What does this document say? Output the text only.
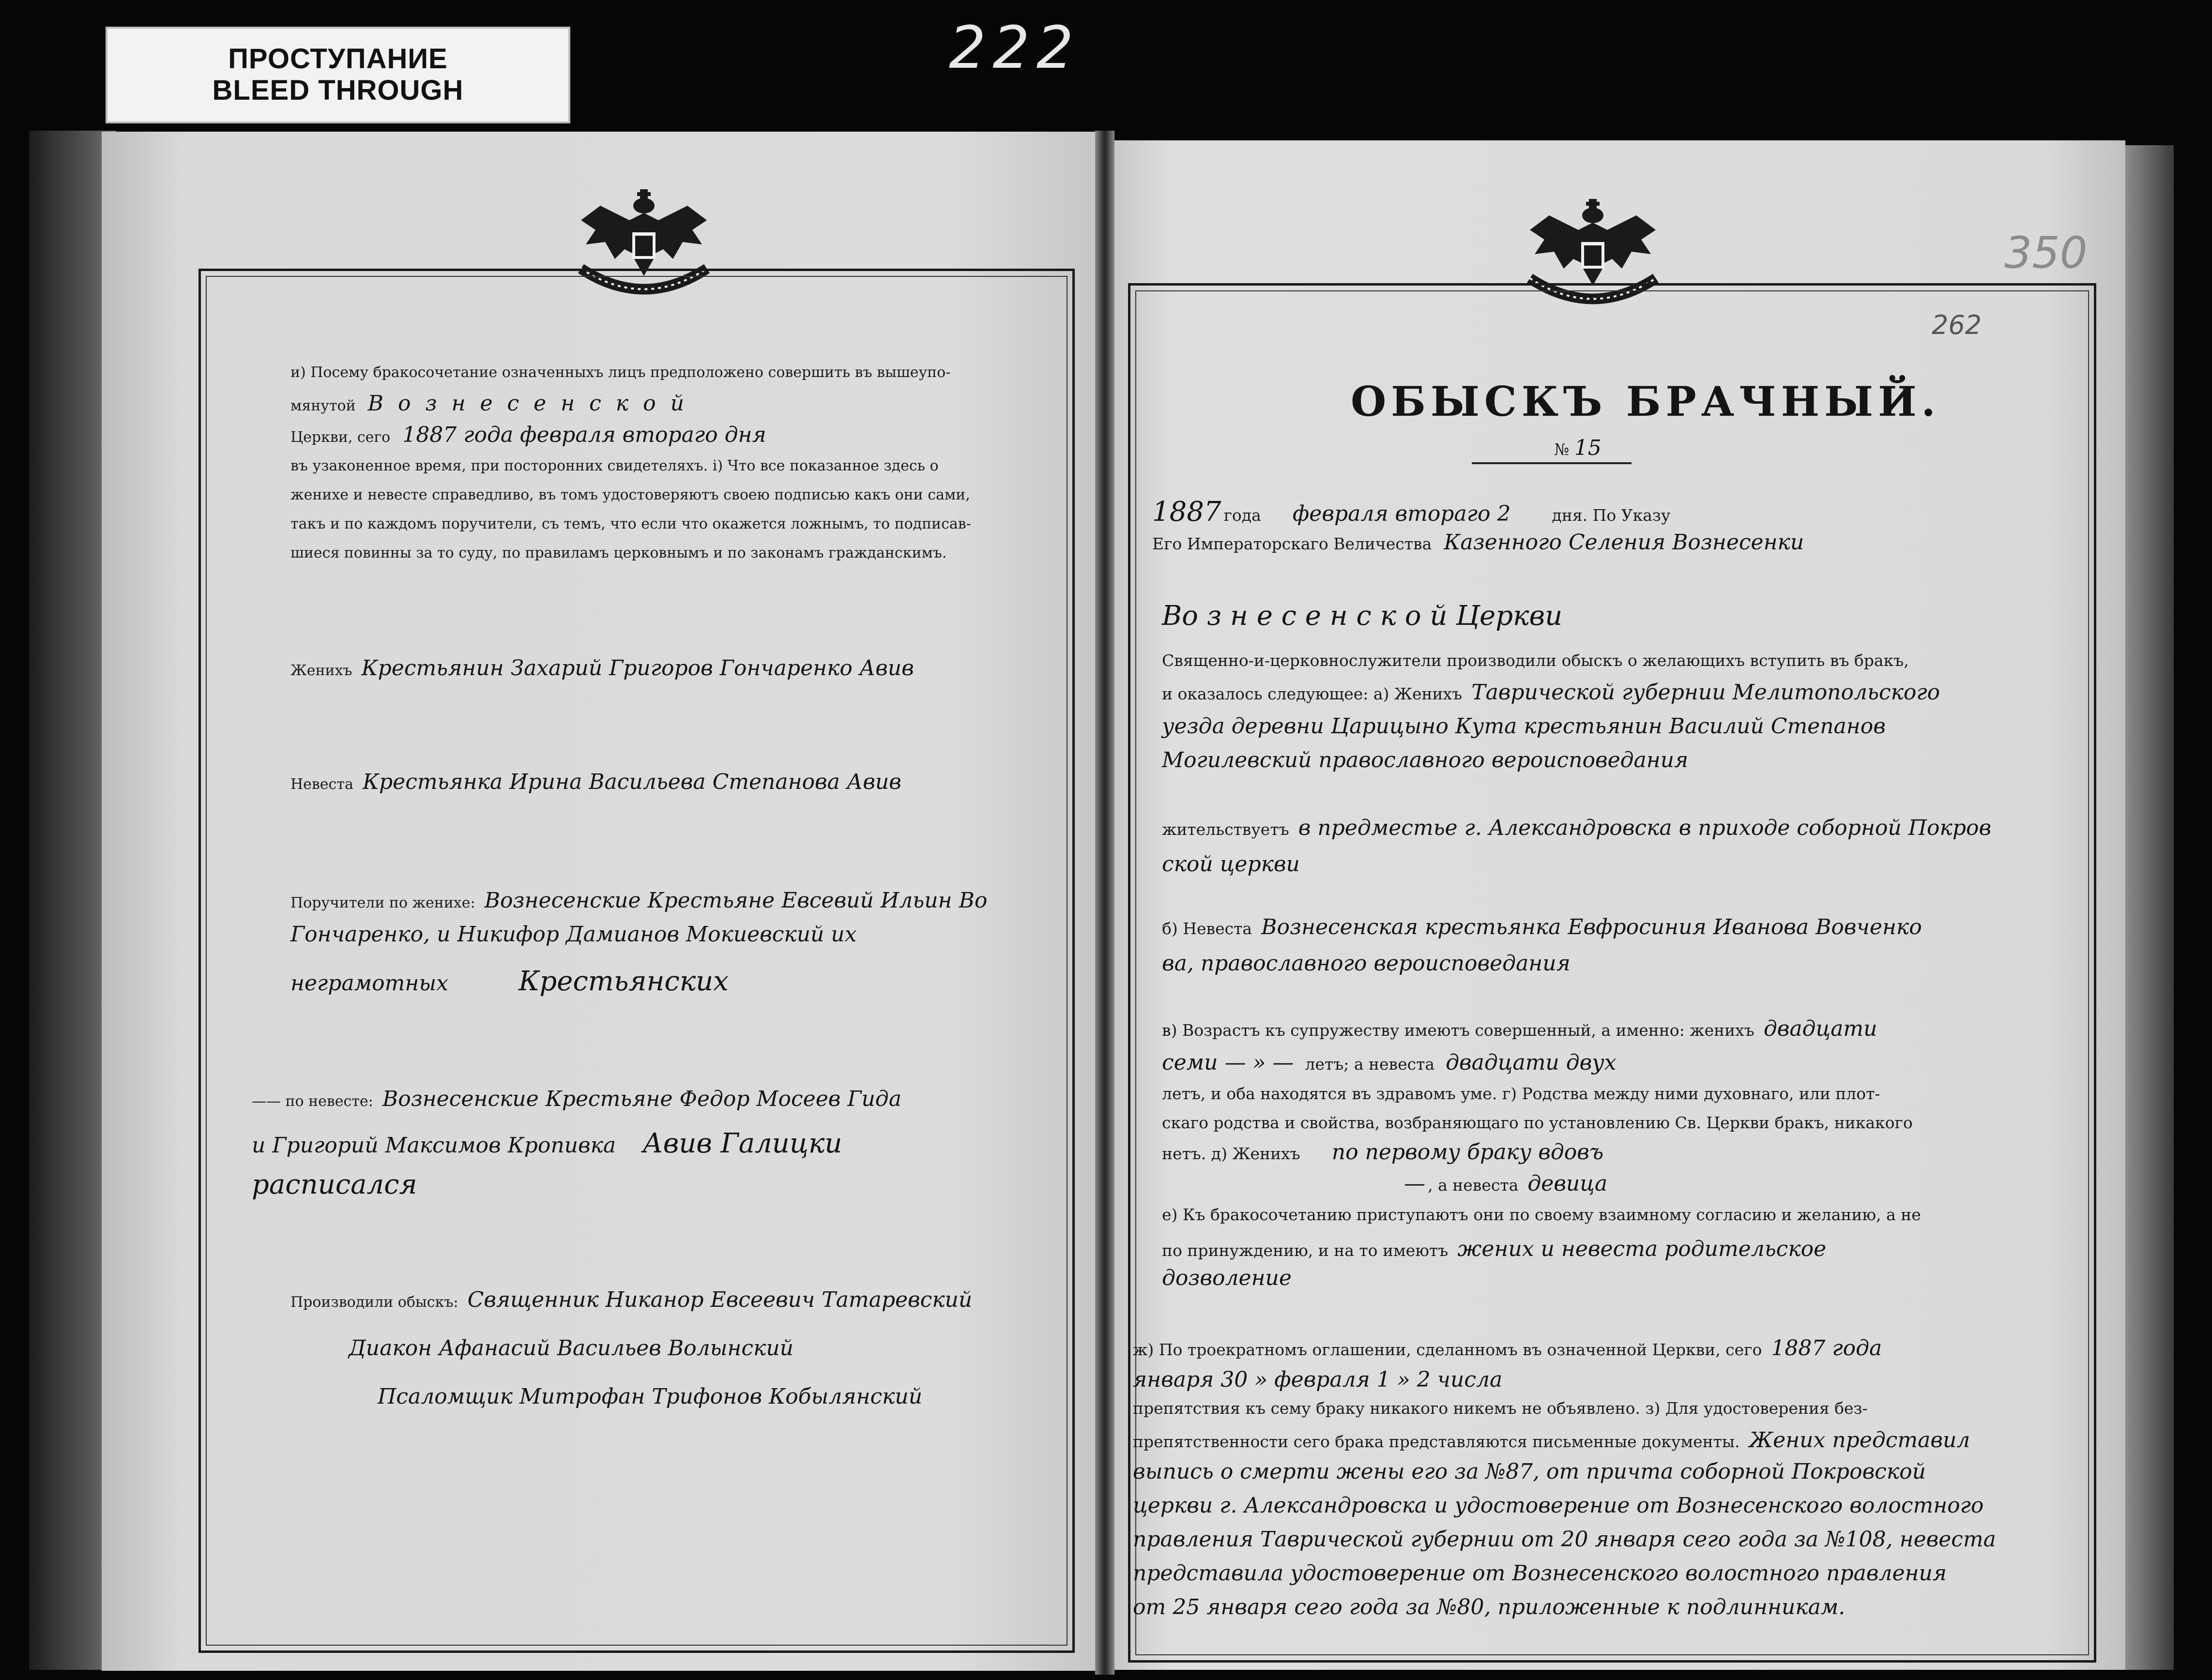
ПРОСТУПАНИЕ
BLEED THROUGH
222
350
262
ОБЫСКЪ БРАЧНЫЙ.
№ 15
1887 года февраля втораго 2	дня. По Указу
Его Императорскаго Величества Казенного Селения Вознесенки
Во з н е с е н с к о й Церкви
Священно-и-церковнослужители производили обыскъ о желающихъ вступить въ бракъ,
и оказалось следующее: а) Женихъ Таврической губернии Мелитопольского
уезда деревни Царицыно Кута крестьянин Василий Степанов
Могилевский православного вероисповедания
жительствуетъ в предместье г. Александровска в приходе соборной Покров
ской церкви
б) Невеста Вознесенская крестьянка Евфросиния Иванова Вовченко
ва, православного вероисповедания
в) Возрастъ къ супружеству имеютъ совершенный, а именно: женихъ двадцати
семи — » — летъ; а невеста двадцати двух
летъ, и оба находятся въ здравомъ уме. г) Родства между ними духовнаго, или плот-
скаго родства и свойства, возбраняющаго по установлению Св. Церкви бракъ, никакого
нетъ. д) Женихъ по первому браку вдовъ
— , а невеста девица
е) Къ бракосочетанию приступаютъ они по своему взаимному согласию и желанию, а не
по принуждению, и на то имеютъ жених и невеста родительское
дозволение
ж) По троекратномъ оглашении, сделанномъ въ означенной Церкви, сего 1887 года
января 30 » февраля 1 » 2 числа
препятствия къ сему браку никакого никемъ не объявлено. з) Для удостоверения без-
препятственности сего брака представляются письменные документы. Жених представил
выпись о смерти жены его за №87, от причта соборной Покровской
церкви г. Александровска и удостоверение от Вознесенского волостного
правления Таврической губернии от 20 января сего года за №108, невеста
представила удостоверение от Вознесенского волостного правления
от 25 января сего года за №80, приложенные к подлинникам.
и) Посему бракосочетание означенныхъ лицъ предположено совершить въ вышеупо-
мянутой Вознесенской
Церкви, сего 1887 года февраля втораго дня
въ узаконенное время, при посторонних свидетеляхъ. і) Что все показанное здесь о
женихе и невесте справедливо, въ томъ удостоверяютъ своею подписью какъ они сами,
такъ и по каждомъ поручители, съ темъ, что если что окажется ложнымъ, то подписав-
шиеся повинны за то суду, по правиламъ церковнымъ и по законамъ гражданскимъ.
Женихъ Крестьянин Захарий Григоров Гончаренко Авив
Невеста Крестьянка Ирина Васильева Степанова Авив
Поручители по женихе: Вознесенские Крестьяне Евсевий Ильин Во
Гончаренко, и Никифор Дамианов Мокиевский их
неграмотных	Крестьянских
—— по невесте: Вознесенские Крестьяне Федор Мосеев Гида
и Григорий Максимов Кропивка Авив Галицки
расписался
Производили обыскъ: Священник Никанор Евсеевич Татаревский
Диакон Афанасий Васильев Волынский
Псаломщик Митрофан Трифонов Кобылянский
